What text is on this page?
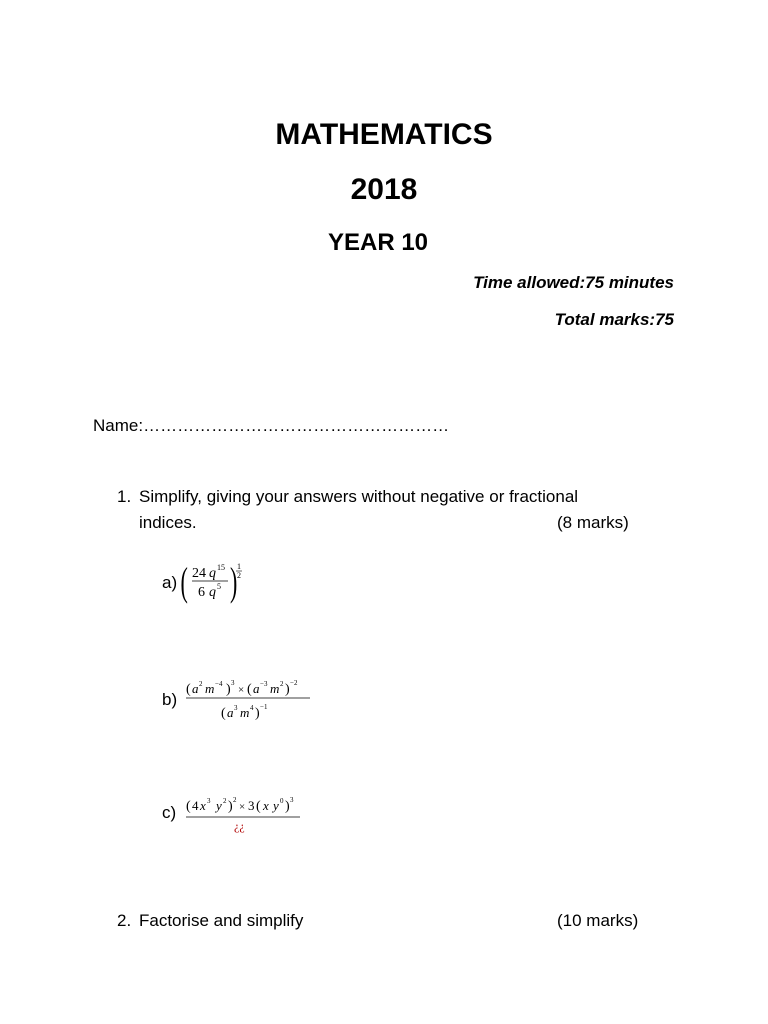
MATHEMATICS
2018
YEAR 10
Time allowed:75 minutes
Total marks:75
Name:………………………………………………
1. Simplify, giving your answers without negative or fractional
indices.	(8 marks)
a)
b)
c)
( 24 q 15
6 q 5 ) 1
2
( a 2 m −4 ) 3
× ( a −3 m 2 ) −2
( a 3 m 4 ) −1
( 4 x 3 y 2 ) 2
× 3 ( x y 0 ) 3
¿¿
2. Factorise and simplify	(10 marks)
